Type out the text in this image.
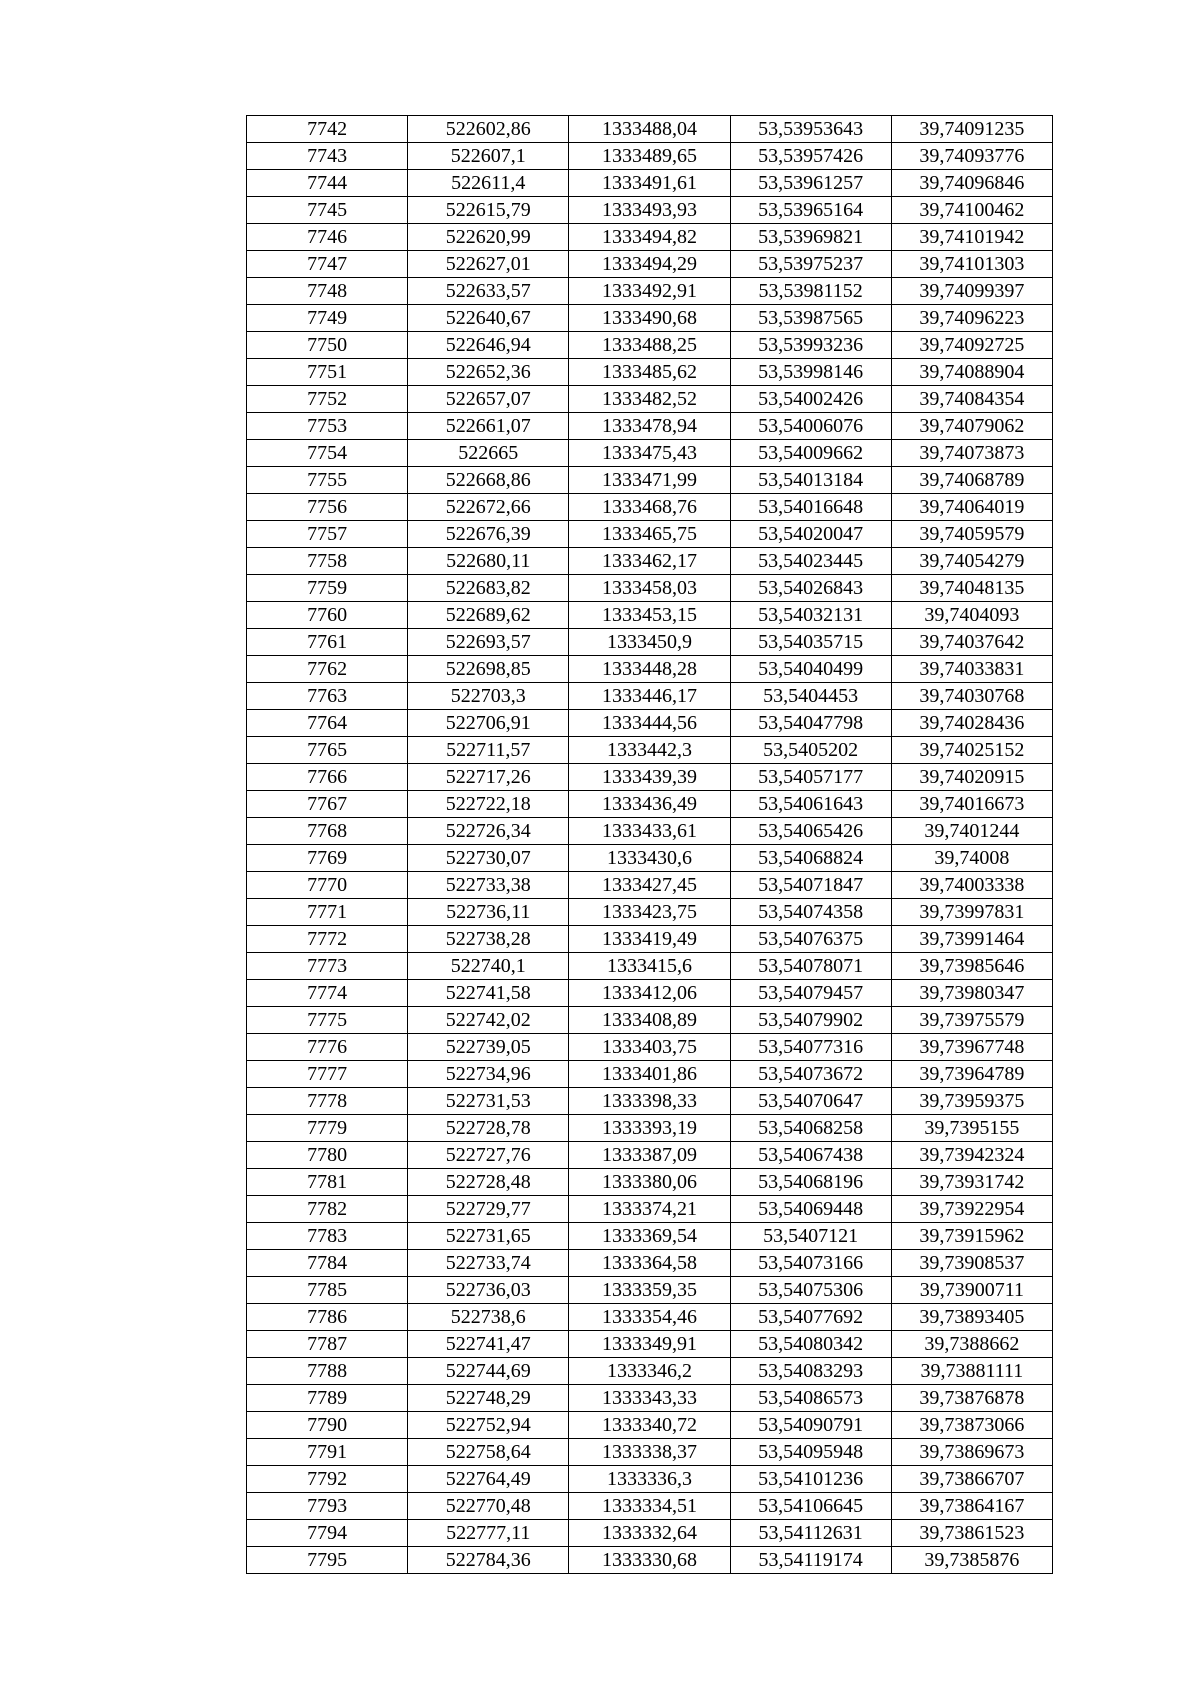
7742	522602,86	1333488,04	53,53953643	39,74091235
7743	522607,1	1333489,65	53,53957426	39,74093776
7744	522611,4	1333491,61	53,53961257	39,74096846
7745	522615,79	1333493,93	53,53965164	39,74100462
7746	522620,99	1333494,82	53,53969821	39,74101942
7747	522627,01	1333494,29	53,53975237	39,74101303
7748	522633,57	1333492,91	53,53981152	39,74099397
7749	522640,67	1333490,68	53,53987565	39,74096223
7750	522646,94	1333488,25	53,53993236	39,74092725
7751	522652,36	1333485,62	53,53998146	39,74088904
7752	522657,07	1333482,52	53,54002426	39,74084354
7753	522661,07	1333478,94	53,54006076	39,74079062
7754	522665	1333475,43	53,54009662	39,74073873
7755	522668,86	1333471,99	53,54013184	39,74068789
7756	522672,66	1333468,76	53,54016648	39,74064019
7757	522676,39	1333465,75	53,54020047	39,74059579
7758	522680,11	1333462,17	53,54023445	39,74054279
7759	522683,82	1333458,03	53,54026843	39,74048135
7760	522689,62	1333453,15	53,54032131	39,7404093
7761	522693,57	1333450,9	53,54035715	39,74037642
7762	522698,85	1333448,28	53,54040499	39,74033831
7763	522703,3	1333446,17	53,5404453	39,74030768
7764	522706,91	1333444,56	53,54047798	39,74028436
7765	522711,57	1333442,3	53,5405202	39,74025152
7766	522717,26	1333439,39	53,54057177	39,74020915
7767	522722,18	1333436,49	53,54061643	39,74016673
7768	522726,34	1333433,61	53,54065426	39,7401244
7769	522730,07	1333430,6	53,54068824	39,74008
7770	522733,38	1333427,45	53,54071847	39,74003338
7771	522736,11	1333423,75	53,54074358	39,73997831
7772	522738,28	1333419,49	53,54076375	39,73991464
7773	522740,1	1333415,6	53,54078071	39,73985646
7774	522741,58	1333412,06	53,54079457	39,73980347
7775	522742,02	1333408,89	53,54079902	39,73975579
7776	522739,05	1333403,75	53,54077316	39,73967748
7777	522734,96	1333401,86	53,54073672	39,73964789
7778	522731,53	1333398,33	53,54070647	39,73959375
7779	522728,78	1333393,19	53,54068258	39,7395155
7780	522727,76	1333387,09	53,54067438	39,73942324
7781	522728,48	1333380,06	53,54068196	39,73931742
7782	522729,77	1333374,21	53,54069448	39,73922954
7783	522731,65	1333369,54	53,5407121	39,73915962
7784	522733,74	1333364,58	53,54073166	39,73908537
7785	522736,03	1333359,35	53,54075306	39,73900711
7786	522738,6	1333354,46	53,54077692	39,73893405
7787	522741,47	1333349,91	53,54080342	39,7388662
7788	522744,69	1333346,2	53,54083293	39,73881111
7789	522748,29	1333343,33	53,54086573	39,73876878
7790	522752,94	1333340,72	53,54090791	39,73873066
7791	522758,64	1333338,37	53,54095948	39,73869673
7792	522764,49	1333336,3	53,54101236	39,73866707
7793	522770,48	1333334,51	53,54106645	39,73864167
7794	522777,11	1333332,64	53,54112631	39,73861523
7795	522784,36	1333330,68	53,54119174	39,7385876
